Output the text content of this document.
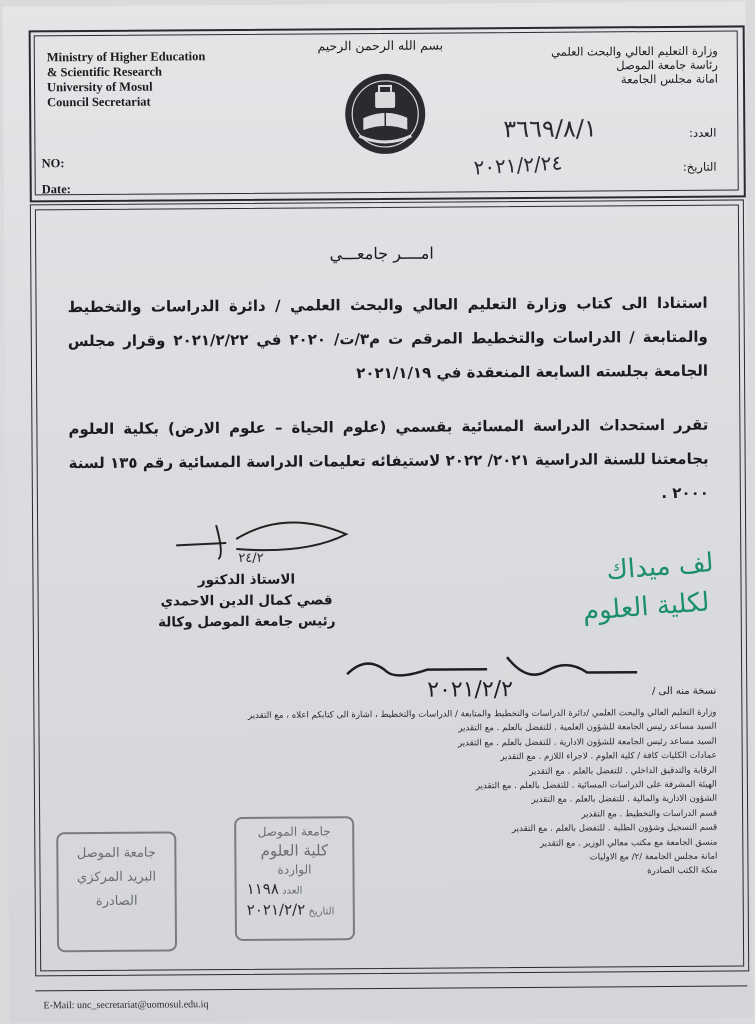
بسم الله الرحمن الرحيم
Ministry of Higher Education
& Scientific Research
University of Mosul
Council Secretariat
وزارة التعليم العالي والبحث العلمي
رئاسة جامعة الموصل
امانة مجلس الجامعة
NO:
Date:
العدد:
التاريخ:
٣٦٦٩/٨/١
٢٠٢١/٢/٢٤
امــــر جامعـــي
استنادا الى كتاب وزارة التعليم العالي والبحث العلمي / دائرة الدراسات والتخطيط والمتابعة / الدراسات والتخطيط المرقم ت م٣/ت/ ٢٠٢٠ في ٢٠٢١/٢/٢٢ وقرار مجلس الجامعة بجلسته السابعة المنعقدة في ٢٠٢١/١/١٩
تقرر استحداث الدراسة المسائية بقسمي (علوم الحياة – علوم الارض) بكلية العلوم بجامعتنا للسنة الدراسية ٢٠٢١/ ٢٠٢٢ لاستيفائه تعليمات الدراسة المسائية رقم ١٣٥ لسنة ٢٠٠٠ .
٢٤/٢
الاستاذ الدكتور
قصي كمال الدين الاحمدي
رئيس جامعة الموصل وكالة
لف ميداك
لكلية العلوم
٢٠٢١/٢/٢	نسخة منه الى /
وزارة التعليم العالي والبحث العلمي /دائرة الدراسات والتخطيط والمتابعة / الدراسات والتخطيط ، اشارة الى كتابكم اعلاه ، مع التقدير
السيد مساعد رئيس الجامعة للشؤون العلمية . للتفضل بالعلم . مع التقدير
السيد مساعد رئيس الجامعة للشؤون الادارية . للتفضل بالعلم . مع التقدير
عمادات الكليات كافة / كلية العلوم . لاجراء اللازم . مع التقدير
الرقابة والتدقيق الداخلي . للتفضل بالعلم . مع التقدير
الهيئة المشرفة على الدراسات المسائية . للتفضل بالعلم . مع التقدير
الشؤون الادارية والمالية . للتفضل بالعلم . مع التقدير
قسم الدراسات والتخطيط . مع التقدير
قسم التسجيل وشؤون الطلبة . للتفضل بالعلم . مع التقدير
منسق الجامعة مع مكتب معالي الوزير . مع التقدير
امانة مجلس الجامعة /٢/ مع الاوليات
منكة الكتب الصادرة
جامعة الموصل
البريد المركزي
الصادرة
جامعة الموصل
كلية العلوم
الواردة
العدد ١١٩٨
التاريخ ٢٠٢١/٢/٢
E-Mail: unc_secretariat@uomosul.edu.iq
